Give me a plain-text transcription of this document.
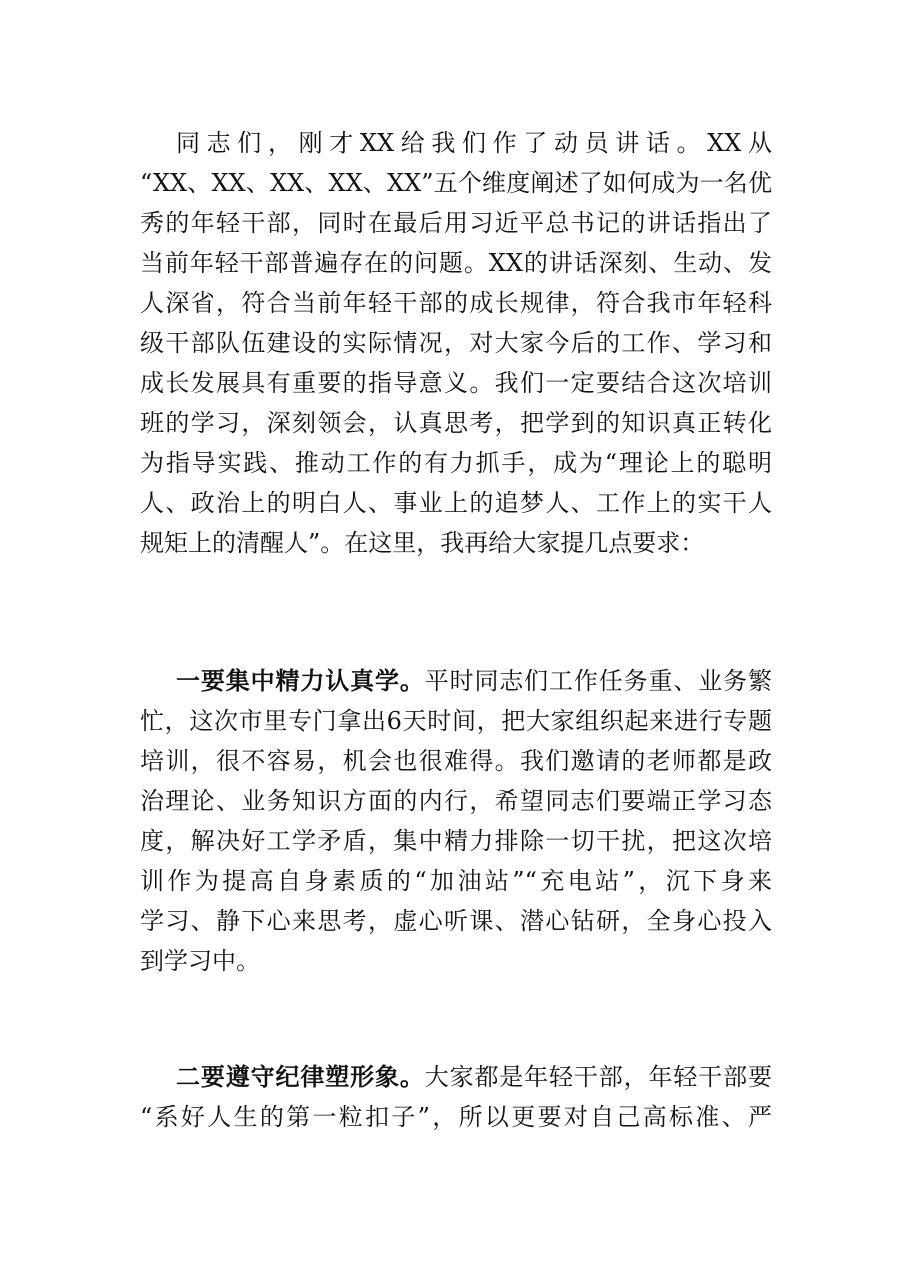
同志们，刚才XX给我们作了动员讲话。XX从
“XX、XX、XX、XX、XX”五个维度阐述了如何成为一名优
秀的年轻干部，同时在最后用习近平总书记的讲话指出了
当前年轻干部普遍存在的问题。XX的讲话深刻、生动、发
人深省，符合当前年轻干部的成长规律，符合我市年轻科
级干部队伍建设的实际情况，对大家今后的工作、学习和
成长发展具有重要的指导意义。我们一定要结合这次培训
班的学习，深刻领会，认真思考，把学到的知识真正转化
为指导实践、推动工作的有力抓手，成为“理论上的聪明
人、政治上的明白人、事业上的追梦人、工作上的实干人
规矩上的清醒人”。在这里，我再给大家提几点要求：
一要集中精力认真学。平时同志们工作任务重、业务繁
忙，这次市里专门拿出6天时间，把大家组织起来进行专题
培训，很不容易，机会也很难得。我们邀请的老师都是政
治理论、业务知识方面的内行，希望同志们要端正学习态
度，解决好工学矛盾，集中精力排除一切干扰，把这次培
训作为提高自身素质的“加油站”“充电站”，沉下身来
学习、静下心来思考，虚心听课、潜心钻研，全身心投入
到学习中。
二要遵守纪律塑形象。大家都是年轻干部，年轻干部要
“系好人生的第一粒扣子”，所以更要对自己高标准、严
